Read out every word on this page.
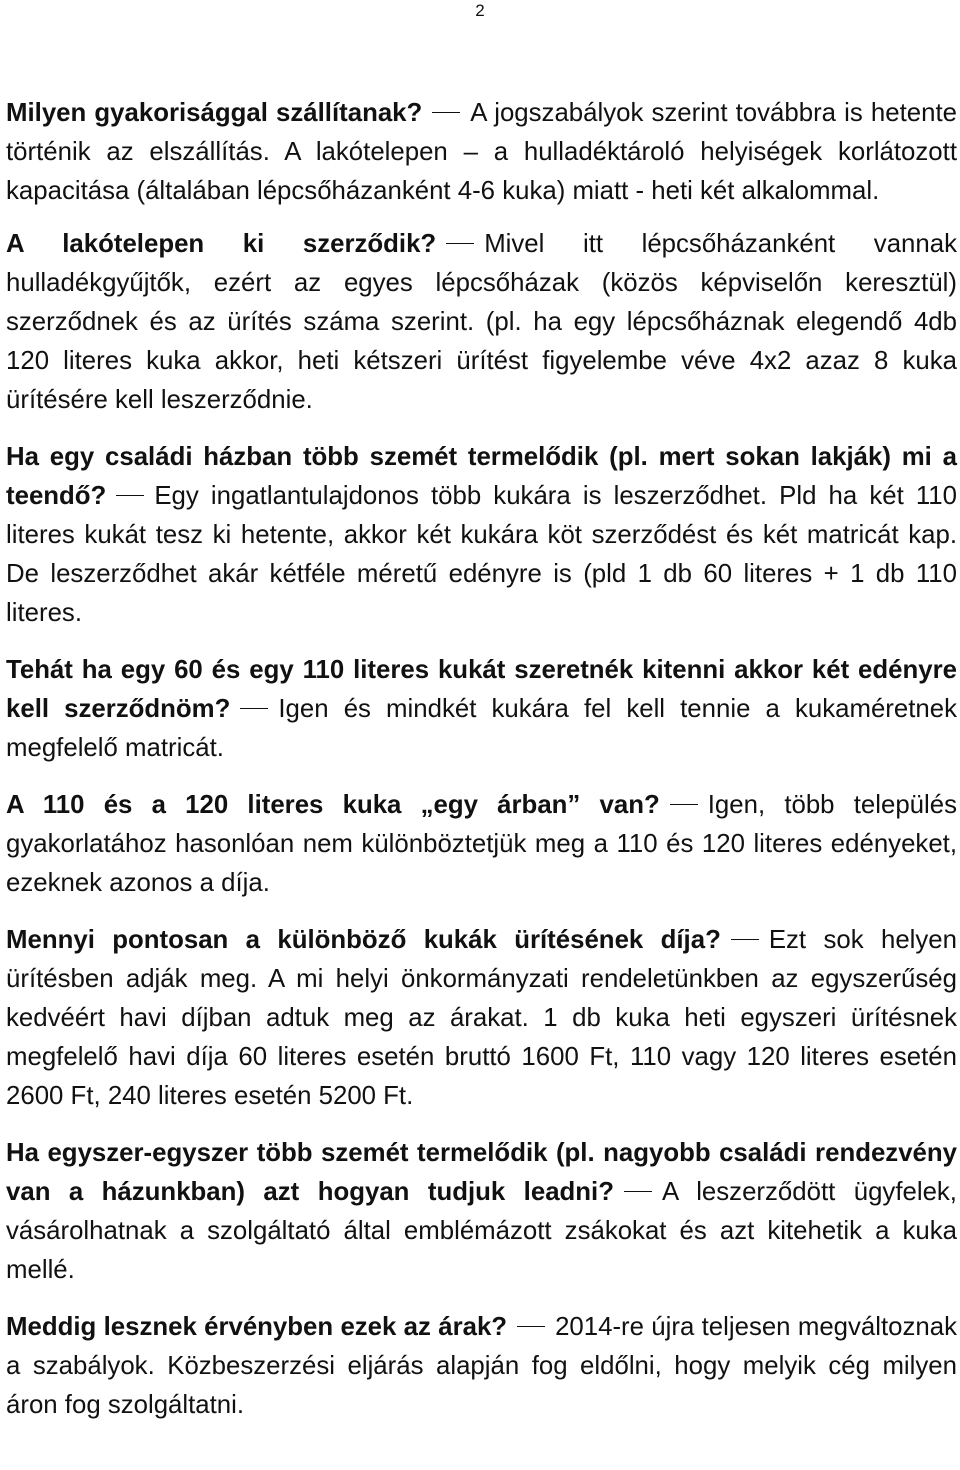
2

Milyen gyakorisággal szállítanak? A jogszabályok szerint továbbra is hetente történik az elszállítás. A lakótelepen – a hulladéktároló helyiségek korlátozott kapacitása (általában lépcsőházanként 4-6 kuka) miatt - heti két alkalommal.

A lakótelepen ki szerződik? Mivel itt lépcsőházanként vannak hulladékgyűjtők, ezért az egyes lépcsőházak (közös képviselőn keresztül) szerződnek és az ürítés száma szerint. (pl. ha egy lépcsőháznak elegendő 4db 120 literes kuka akkor, heti kétszeri ürítést figyelembe véve 4x2 azaz 8 kuka ürítésére kell leszerződnie.

Ha egy családi házban több szemét termelődik (pl. mert sokan lakják) mi a teendő? Egy ingatlantulajdonos több kukára is leszerződhet. Pld ha két 110 literes kukát tesz ki hetente, akkor két kukára köt szerződést és két matricát kap. De leszerződhet akár kétféle méretű edényre is (pld 1 db 60 literes + 1 db 110 literes.

Tehát ha egy 60 és egy 110 literes kukát szeretnék kitenni akkor két edényre kell szerződnöm? Igen és mindkét kukára fel kell tennie a kukaméretnek megfelelő matricát.

A 110 és a 120 literes kuka „egy árban” van? Igen, több település gyakorlatához hasonlóan nem különböztetjük meg a 110 és 120 literes edényeket, ezeknek azonos a díja.

Mennyi pontosan a különböző kukák ürítésének díja? Ezt sok helyen ürítésben adják meg. A mi helyi önkormányzati rendeletünkben az egyszerűség kedvéért havi díjban adtuk meg az árakat. 1 db kuka heti egyszeri ürítésnek megfelelő havi díja 60 literes esetén bruttó 1600 Ft, 110 vagy 120 literes esetén 2600 Ft, 240 literes esetén 5200 Ft.

Ha egyszer-egyszer több szemét termelődik (pl. nagyobb családi rendezvény van a házunkban) azt hogyan tudjuk leadni? A leszerződött ügyfelek, vásárolhatnak a szolgáltató által emblémázott zsákokat és azt kitehetik a kuka mellé.

Meddig lesznek érvényben ezek az árak? 2014-re újra teljesen megváltoznak a szabályok. Közbeszerzési eljárás alapján fog eldőlni, hogy melyik cég milyen áron fog szolgáltatni.
